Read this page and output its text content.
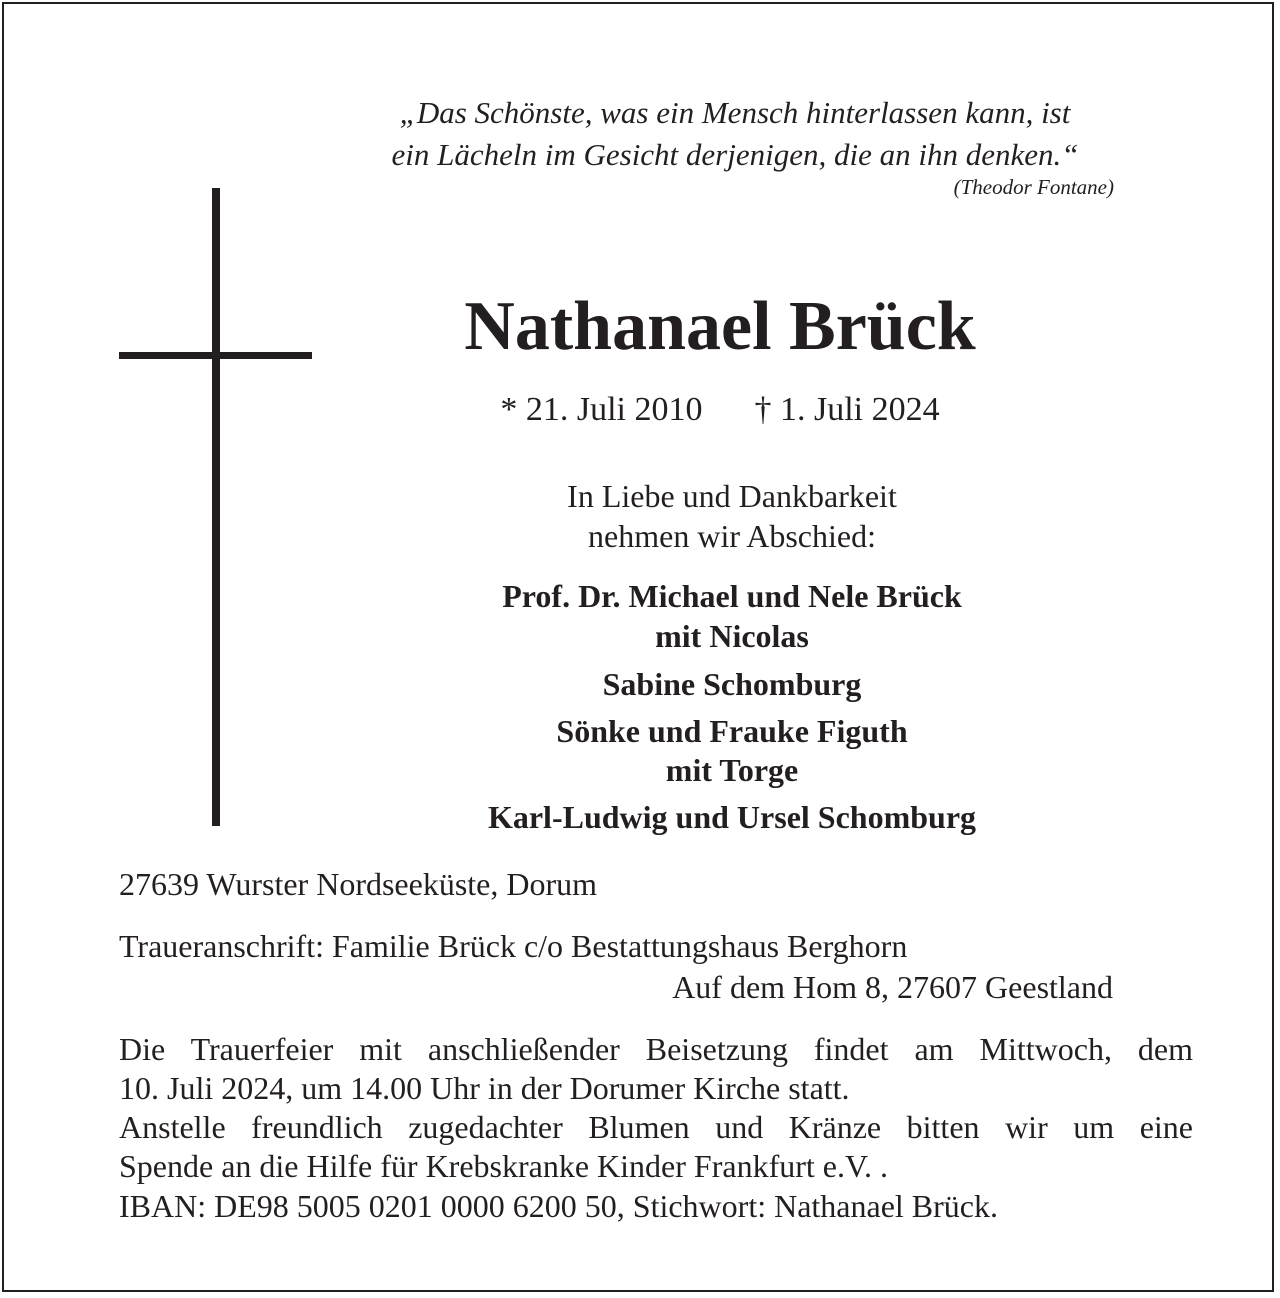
„Das Schönste, was ein Mensch hinterlassen kann, ist
ein Lächeln im Gesicht derjenigen, die an ihn denken.“
(Theodor Fontane)
Nathanael Brück
* 21. Juli 2010 † 1. Juli 2024
In Liebe und Dankbarkeit
nehmen wir Abschied:
Prof. Dr. Michael und Nele Brück
mit Nicolas
Sabine Schomburg
Sönke und Frauke Figuth
mit Torge
Karl-Ludwig und Ursel Schomburg
27639 Wurster Nordseeküste, Dorum
Traueranschrift: Familie Brück c/o Bestattungshaus Berghorn
Auf dem Hom 8, 27607 Geestland
Die Trauerfeier mit anschließender Beisetzung findet am Mittwoch, dem
10. Juli 2024, um 14.00 Uhr in der Dorumer Kirche statt.
Anstelle freundlich zugedachter Blumen und Kränze bitten wir um eine
Spende an die Hilfe für Krebskranke Kinder Frankfurt e.V. .
IBAN: DE98 5005 0201 0000 6200 50, Stichwort: Nathanael Brück.
